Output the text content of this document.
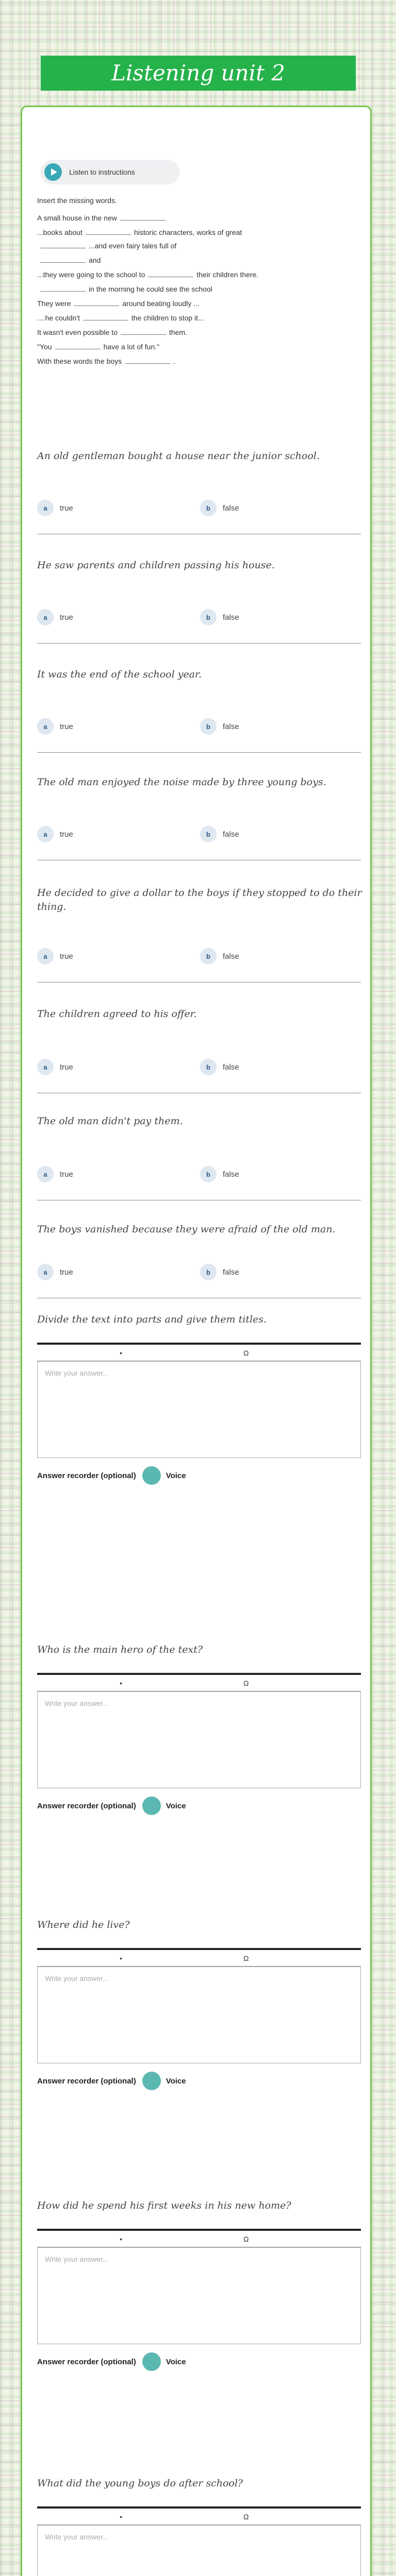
Listening unit 2
Listen to instructions
Insert the missing words.
A small house in the new
...books about	historic characters, works of great
...and even fairy tales full of
and
...they were going to the school to	their children there.
in the morning he could see the school
They were	around beating loudly ...
....he couldn't	the children to stop it...
It wasn't even possible to	them.
"You	have a lot of fun."
With these words the boys	.
An old gentleman bought a house near the junior school.
a	true	b	false
He saw parents and children passing his house.
a	true	b	false
It was the end of the school year.
a	true	b	false
The old man enjoyed the noise made by three young boys.
a	true	b	false
He decided to give a dollar to the boys if they stopped to do their thing.
a	true	b	false
The children agreed to his offer.
a	true	b	false
The old man didn't pay them.
a	true	b	false
The boys vanished because they were afraid of the old man.
a	true	b	false
Divide the text into parts and give them titles.
•	Ω
Write your answer...
Answer recorder (optional)	Voice
Who is the main hero of the text?
•	Ω
Write your answer...
Answer recorder (optional)	Voice
Where did he live?
•	Ω
Write your answer...
Answer recorder (optional)	Voice
How did he spend his first weeks in his new home?
•	Ω
Write your answer...
Answer recorder (optional)	Voice
What did the young boys do after school?
•	Ω
Write your answer...
